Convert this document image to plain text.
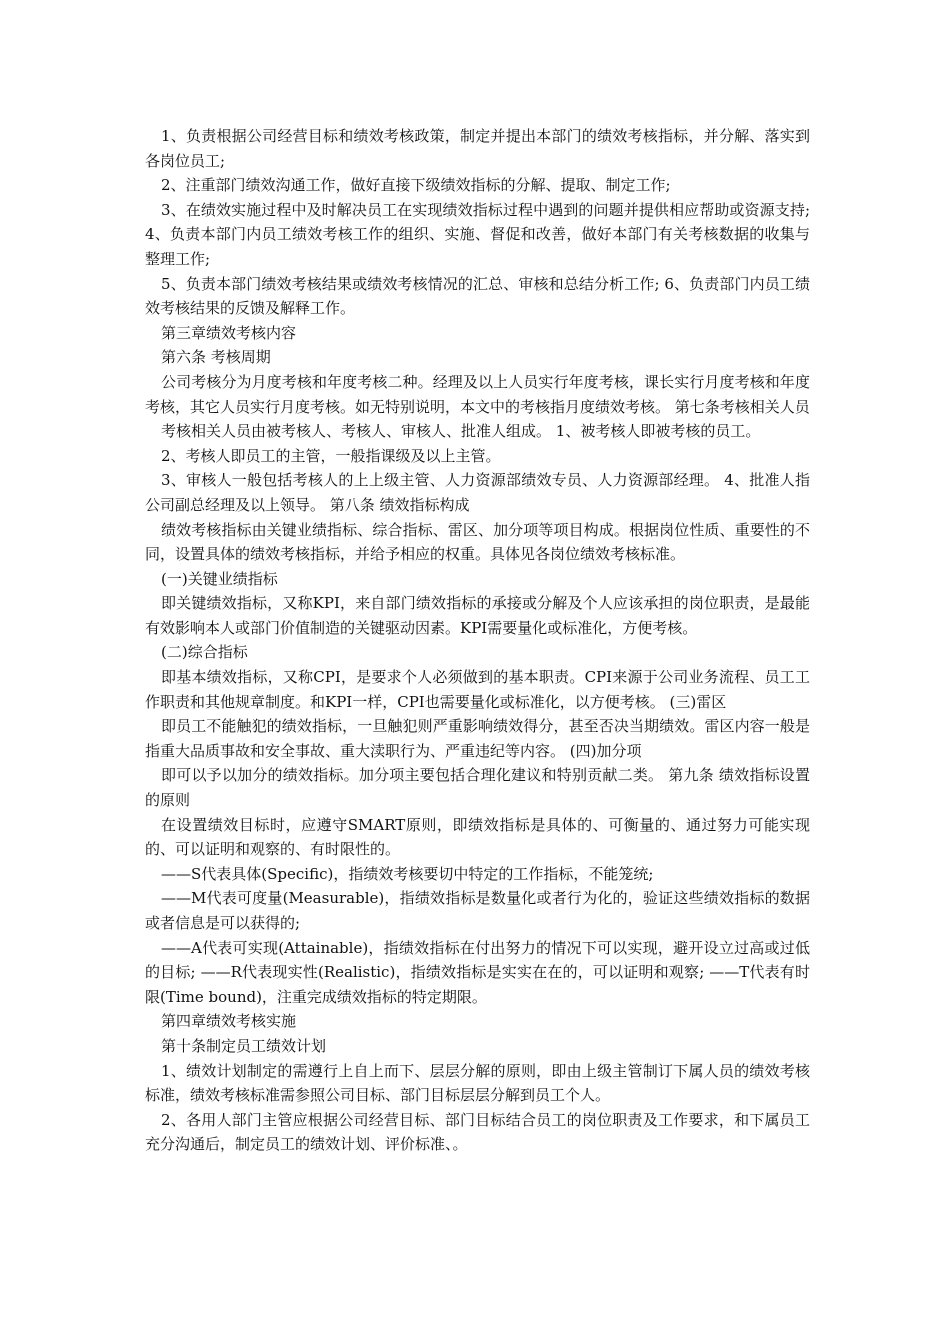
1、负责根据公司经营目标和绩效考核政策，制定并提出本部门的绩效考核指标，并分解、落实到各岗位员工;

2、注重部门绩效沟通工作，做好直接下级绩效指标的分解、提取、制定工作;

3、在绩效实施过程中及时解决员工在实现绩效指标过程中遇到的问题并提供相应帮助或资源支持; 4、负责本部门内员工绩效考核工作的组织、实施、督促和改善，做好本部门有关考核数据的收集与整理工作;

5、负责本部门绩效考核结果或绩效考核情况的汇总、审核和总结分析工作; 6、负责部门内员工绩效考核结果的反馈及解释工作。

第三章绩效考核内容

第六条 考核周期

公司考核分为月度考核和年度考核二种。经理及以上人员实行年度考核，课长实行月度考核和年度考核，其它人员实行月度考核。如无特别说明，本文中的考核指月度绩效考核。 第七条考核相关人员

考核相关人员由被考核人、考核人、审核人、批准人组成。 1、被考核人即被考核的员工。

2、考核人即员工的主管，一般指课级及以上主管。

3、审核人一般包括考核人的上上级主管、人力资源部绩效专员、人力资源部经理。 4、批准人指公司副总经理及以上领导。 第八条 绩效指标构成

绩效考核指标由关键业绩指标、综合指标、雷区、加分项等项目构成。根据岗位性质、重要性的不同，设置具体的绩效考核指标，并给予相应的权重。具体见各岗位绩效考核标准。

(一)关键业绩指标

即关键绩效指标，又称KPI，来自部门绩效指标的承接或分解及个人应该承担的岗位职责，是最能有效影响本人或部门价值制造的关键驱动因素。KPI需要量化或标准化，方便考核。

(二)综合指标

即基本绩效指标，又称CPI，是要求个人必须做到的基本职责。CPI来源于公司业务流程、员工工作职责和其他规章制度。和KPI一样，CPI也需要量化或标准化，以方便考核。 (三)雷区

即员工不能触犯的绩效指标，一旦触犯则严重影响绩效得分，甚至否决当期绩效。雷区内容一般是指重大品质事故和安全事故、重大渎职行为、严重违纪等内容。 (四)加分项

即可以予以加分的绩效指标。加分项主要包括合理化建议和特别贡献二类。 第九条 绩效指标设置的原则

在设置绩效目标时，应遵守SMART原则，即绩效指标是具体的、可衡量的、通过努力可能实现的、可以证明和观察的、有时限性的。

——S代表具体(Specific)，指绩效考核要切中特定的工作指标，不能笼统;

——M代表可度量(Measurable)，指绩效指标是数量化或者行为化的，验证这些绩效指标的数据或者信息是可以获得的;

——A代表可实现(Attainable)，指绩效指标在付出努力的情况下可以实现，避开设立过高或过低的目标; ——R代表现实性(Realistic)，指绩效指标是实实在在的，可以证明和观察; ——T代表有时限(Time bound)，注重完成绩效指标的特定期限。

第四章绩效考核实施

第十条制定员工绩效计划

1、绩效计划制定的需遵行上自上而下、层层分解的原则，即由上级主管制订下属人员的绩效考核标准，绩效考核标准需参照公司目标、部门目标层层分解到员工个人。

2、各用人部门主管应根据公司经营目标、部门目标结合员工的岗位职责及工作要求，和下属员工充分沟通后，制定员工的绩效计划、评价标准、。
